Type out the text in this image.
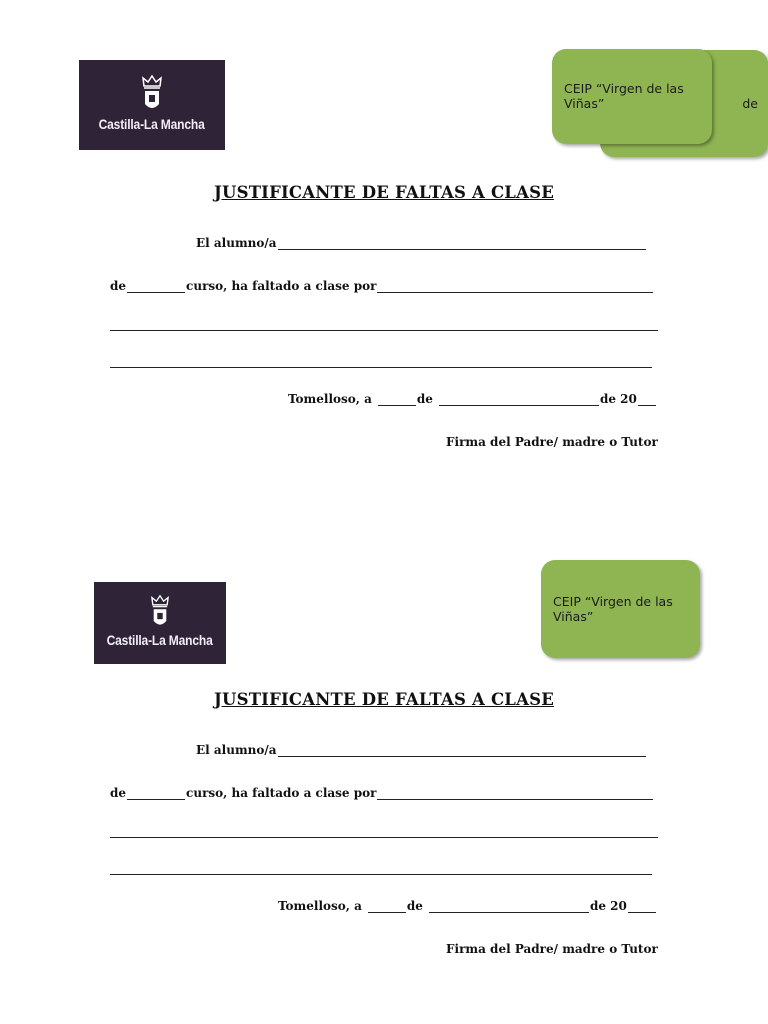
Castilla-La Mancha
de
CEIP “Virgen de las Viñas”
JUSTIFICANTE DE FALTAS A CLASE
El alumno/a
de	curso, ha faltado a clase por
Tomelloso, a	de	de 20
Firma del Padre/ madre o Tutor
Castilla-La Mancha
CEIP “Virgen de las Viñas”
JUSTIFICANTE DE FALTAS A CLASE
El alumno/a
de	curso, ha faltado a clase por
Tomelloso, a	de	de 20
Firma del Padre/ madre o Tutor
